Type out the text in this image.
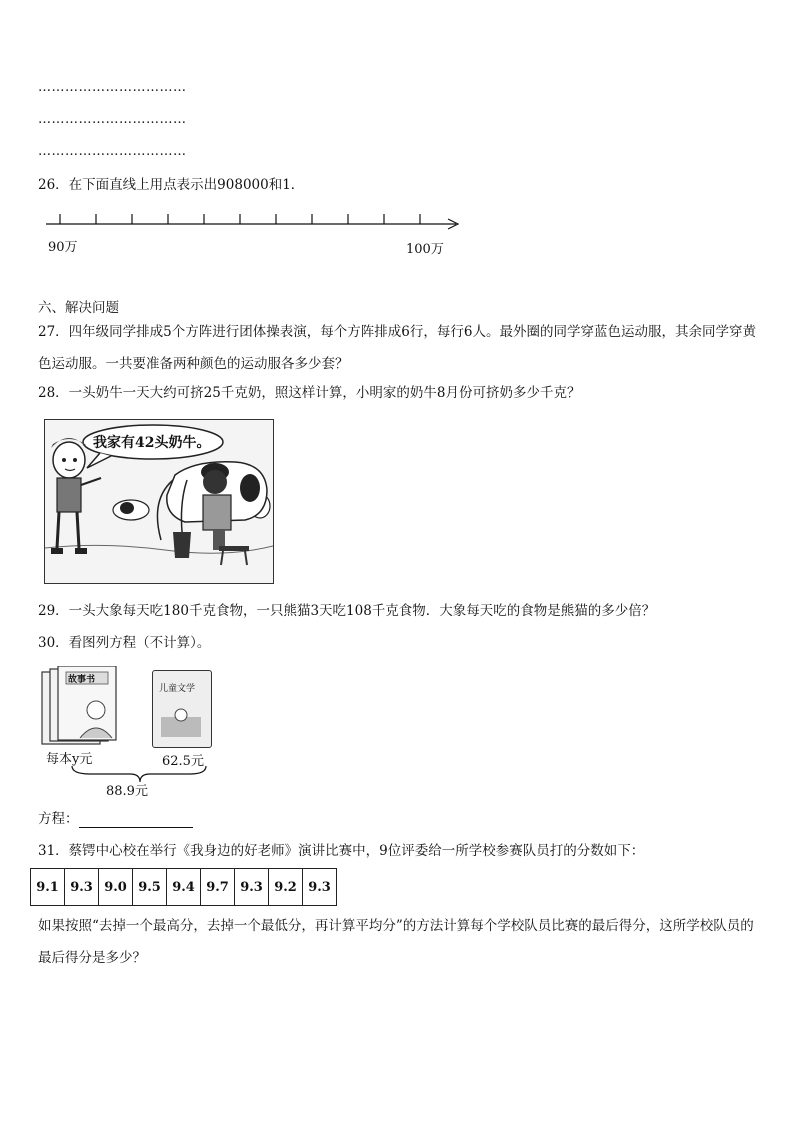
……………………………
……………………………
……………………………
26．在下面直线上用点表示出908000和1．
90万	100万
六、解决问题
27．四年级同学排成5个方阵进行团体操表演，每个方阵排成6行，每行6人。最外圈的同学穿蓝色运动服，其余同学穿黄色运动服。一共要准备两种颜色的运动服各多少套？
28．一头奶牛一天大约可挤25千克奶，照这样计算，小明家的奶牛8月份可挤奶多少千克？
我家有42头奶牛。
29．一头大象每天吃180千克食物，一只熊猫3天吃108千克食物．大象每天吃的食物是熊猫的多少倍？
30．看图列方程（不计算）。
故事书
儿童文学
每本y元	62.5元
88.9元
方程：
31．蔡锷中心校在举行《我身边的好老师》演讲比赛中，9位评委给一所学校参赛队员打的分数如下：
9.1	9.3	9.0	9.5	9.4	9.7	9.3	9.2	9.3
如果按照“去掉一个最高分，去掉一个最低分，再计算平均分”的方法计算每个学校队员比赛的最后得分，这所学校队员的最后得分是多少？
